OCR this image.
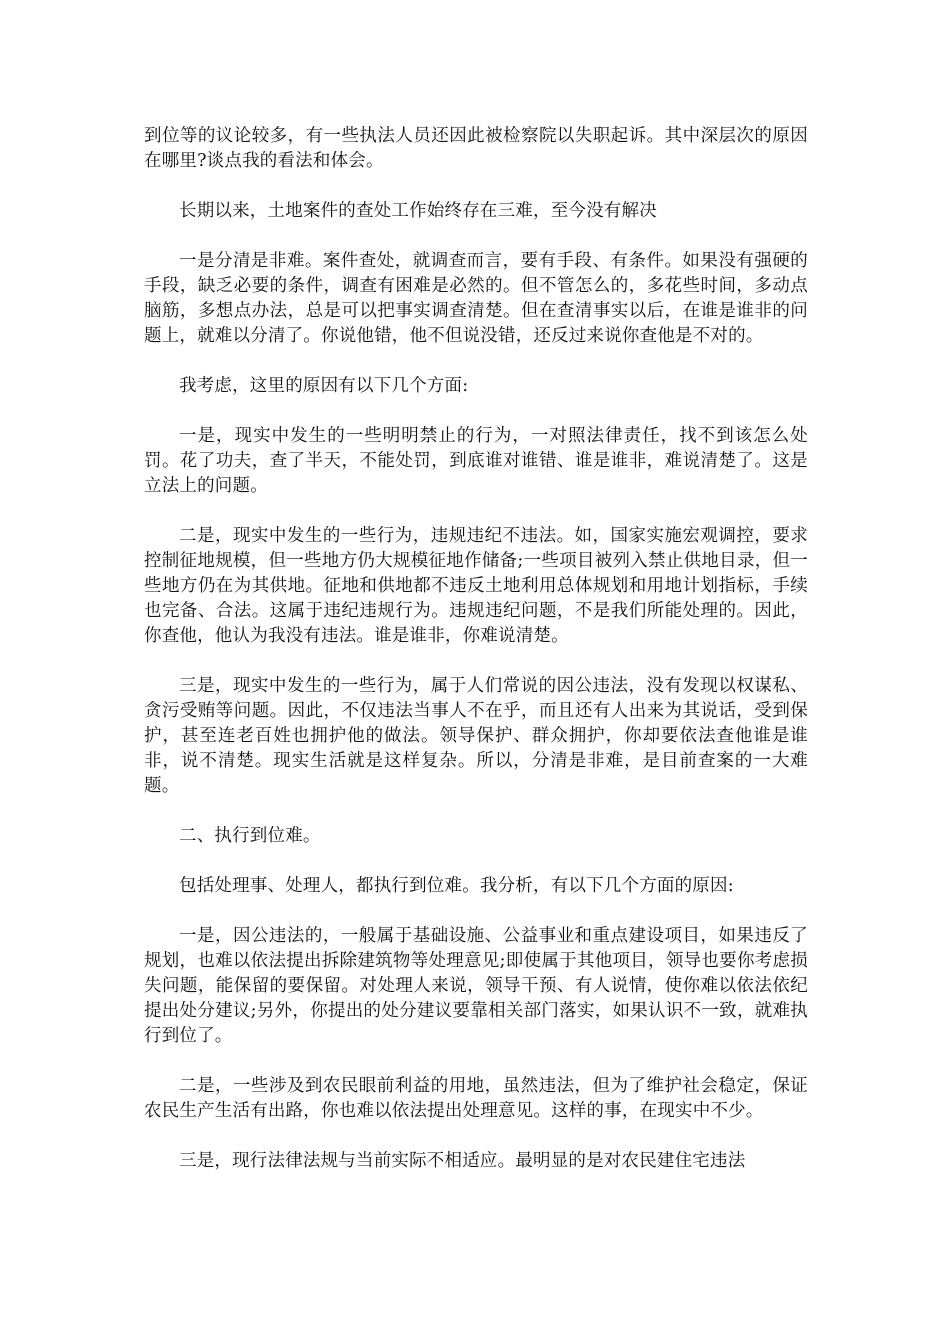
到位等的议论较多，有一些执法人员还因此被检察院以失职起诉。其中深层次的原因在哪里?谈点我的看法和体会。

长期以来，土地案件的查处工作始终存在三难，至今没有解决

一是分清是非难。案件查处，就调查而言，要有手段、有条件。如果没有强硬的手段，缺乏必要的条件，调查有困难是必然的。但不管怎么的，多花些时间，多动点脑筋，多想点办法，总是可以把事实调查清楚。但在查清事实以后，在谁是谁非的问题上，就难以分清了。你说他错，他不但说没错，还反过来说你查他是不对的。

我考虑，这里的原因有以下几个方面:

一是，现实中发生的一些明明禁止的行为，一对照法律责任，找不到该怎么处罚。花了功夫，查了半天，不能处罚，到底谁对谁错、谁是谁非，难说清楚了。这是立法上的问题。

二是，现实中发生的一些行为，违规违纪不违法。如，国家实施宏观调控，要求控制征地规模，但一些地方仍大规模征地作储备;一些项目被列入禁止供地目录，但一些地方仍在为其供地。征地和供地都不违反土地利用总体规划和用地计划指标，手续也完备、合法。这属于违纪违规行为。违规违纪问题，不是我们所能处理的。因此，你查他，他认为我没有违法。谁是谁非，你难说清楚。

三是，现实中发生的一些行为，属于人们常说的因公违法，没有发现以权谋私、贪污受贿等问题。因此，不仅违法当事人不在乎，而且还有人出来为其说话，受到保护，甚至连老百姓也拥护他的做法。领导保护、群众拥护，你却要依法查他谁是谁非，说不清楚。现实生活就是这样复杂。所以，分清是非难，是目前查案的一大难题。

二、执行到位难。

包括处理事、处理人，都执行到位难。我分析，有以下几个方面的原因:

一是，因公违法的，一般属于基础设施、公益事业和重点建设项目，如果违反了规划，也难以依法提出拆除建筑物等处理意见;即使属于其他项目，领导也要你考虑损失问题，能保留的要保留。对处理人来说，领导干预、有人说情，使你难以依法依纪提出处分建议;另外，你提出的处分建议要靠相关部门落实，如果认识不一致，就难执行到位了。

二是，一些涉及到农民眼前利益的用地，虽然违法，但为了维护社会稳定，保证农民生产生活有出路，你也难以依法提出处理意见。这样的事，在现实中不少。

三是，现行法律法规与当前实际不相适应。最明显的是对农民建住宅违法
